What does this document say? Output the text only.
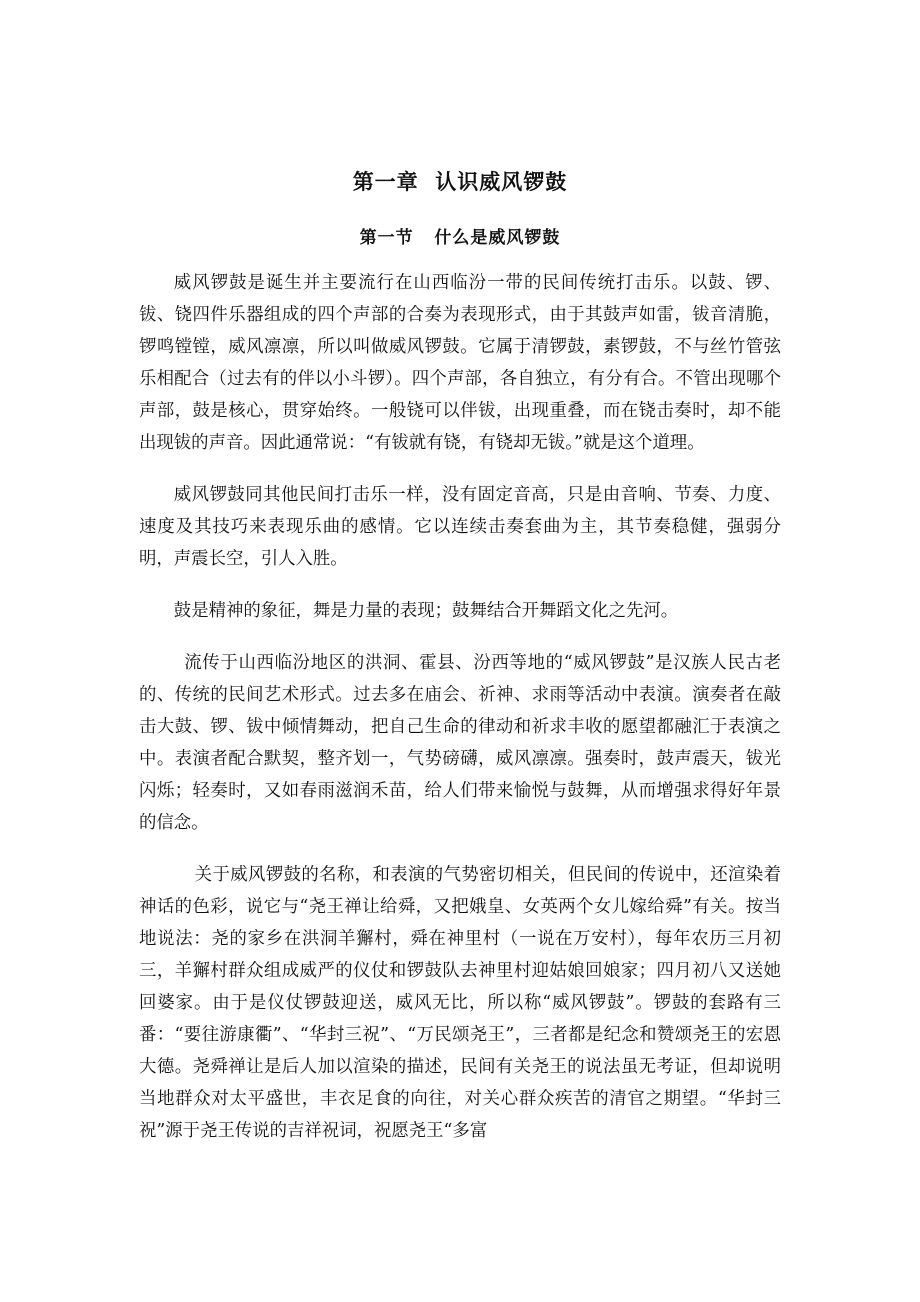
第一章  认识威风锣鼓
第一节   什么是威风锣鼓

威风锣鼓是诞生并主要流行在山西临汾一带的民间传统打击乐。以鼓、锣、钹、铙四件乐器组成的四个声部的合奏为表现形式，由于其鼓声如雷，钹音清脆，锣鸣镗镗，威风凛凛，所以叫做威风锣鼓。它属于清锣鼓，素锣鼓，不与丝竹管弦乐相配合（过去有的伴以小斗锣）。四个声部，各自独立，有分有合。不管出现哪个声部，鼓是核心，贯穿始终。一般铙可以伴钹，出现重叠，而在铙击奏时，却不能出现钹的声音。因此通常说：“有钹就有铙，有铙却无钹。”就是这个道理。

威风锣鼓同其他民间打击乐一样，没有固定音高，只是由音响、节奏、力度、速度及其技巧来表现乐曲的感情。它以连续击奏套曲为主，其节奏稳健，强弱分明，声震长空，引人入胜。

鼓是精神的象征，舞是力量的表现；鼓舞结合开舞蹈文化之先河。

流传于山西临汾地区的洪洞、霍县、汾西等地的“威风锣鼓”是汉族人民古老的、传统的民间艺术形式。过去多在庙会、祈神、求雨等活动中表演。演奏者在敲击大鼓、锣、钹中倾情舞动，把自己生命的律动和祈求丰收的愿望都融汇于表演之中。表演者配合默契，整齐划一，气势磅礴，威风凛凛。强奏时，鼓声震天，钹光闪烁；轻奏时，又如春雨滋润禾苗，给人们带来愉悦与鼓舞，从而增强求得好年景的信念。

关于威风锣鼓的名称，和表演的气势密切相关，但民间的传说中，还渲染着神话的色彩，说它与“尧王禅让给舜，又把娥皇、女英两个女儿嫁给舜”有关。按当地说法：尧的家乡在洪洞羊獬村，舜在神里村（一说在万安村），每年农历三月初三，羊獬村群众组成威严的仪仗和锣鼓队去神里村迎姑娘回娘家；四月初八又送她回婆家。由于是仪仗锣鼓迎送，威风无比，所以称“威风锣鼓”。锣鼓的套路有三番：“要往游康衢”、“华封三祝”、“万民颂尧王”，三者都是纪念和赞颂尧王的宏恩大德。尧舜禅让是后人加以渲染的描述，民间有关尧王的说法虽无考证，但却说明当地群众对太平盛世，丰衣足食的向往，对关心群众疾苦的清官之期望。“华封三祝”源于尧王传说的吉祥祝词，祝愿尧王“多富
